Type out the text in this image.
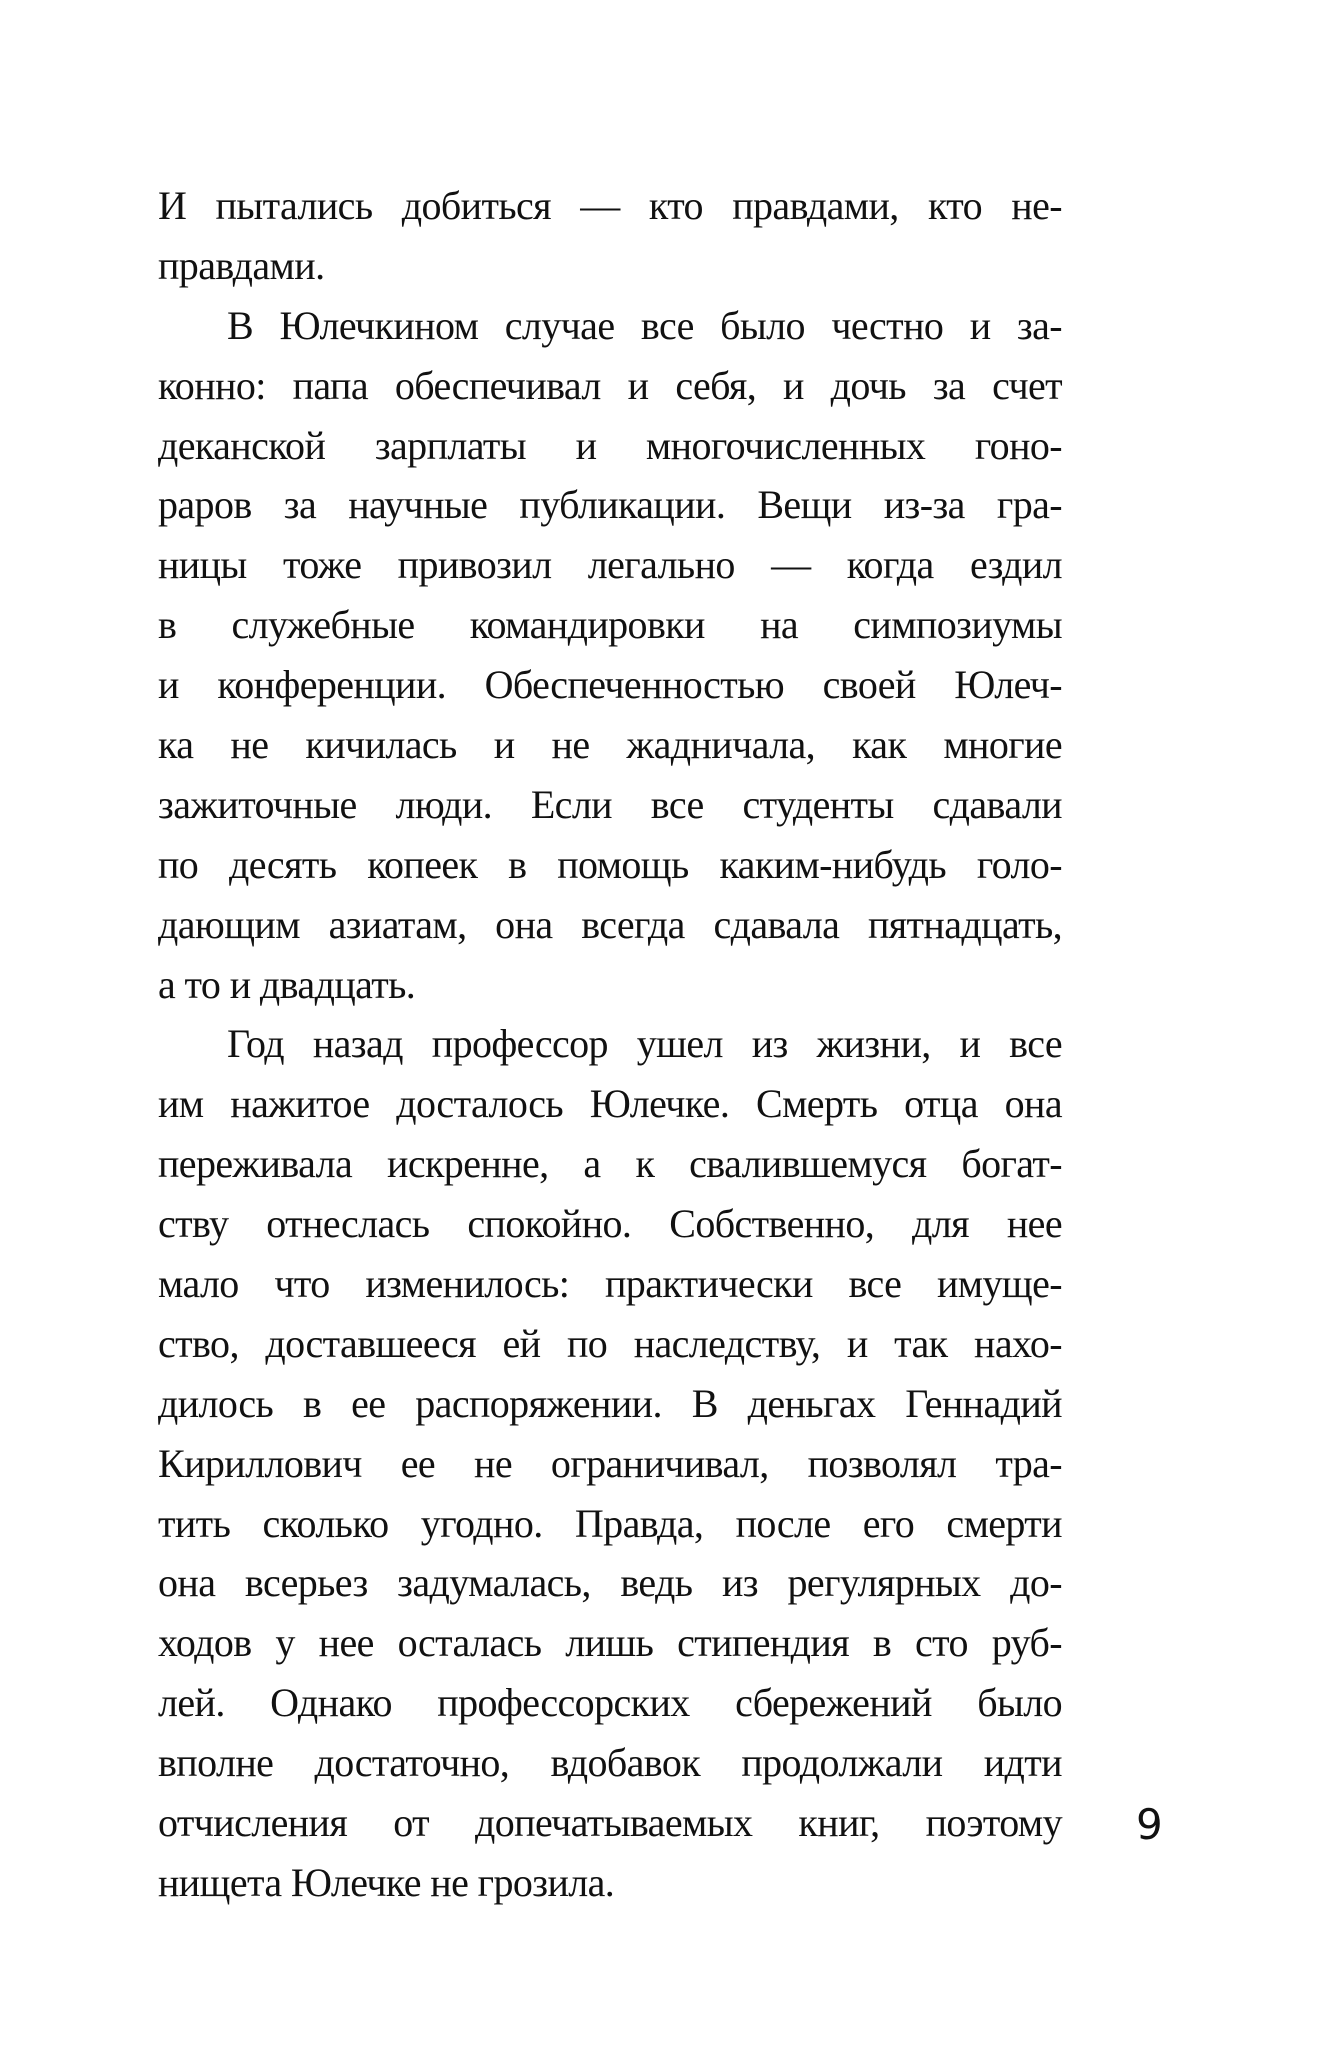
И пытались добиться — кто правдами, кто не-
правдами.
В Юлечкином случае все было честно и за-
конно: папа обеспечивал и себя, и дочь за счет
деканской зарплаты и многочисленных гоно-
раров за научные публикации. Вещи из-за гра-
ницы тоже привозил легально — когда ездил
в служебные командировки на симпозиумы
и конференции. Обеспеченностью своей Юлеч-
ка не кичилась и не жадничала, как многие
зажиточные люди. Если все студенты сдавали
по десять копеек в помощь каким-нибудь голо-
дающим азиатам, она всегда сдавала пятнадцать,
а то и двадцать.
Год назад профессор ушел из жизни, и все
им нажитое досталось Юлечке. Смерть отца она
переживала искренне, а к свалившемуся богат-
ству отнеслась спокойно. Собственно, для нее
мало что изменилось: практически все имуще-
ство, доставшееся ей по наследству, и так нахо-
дилось в ее распоряжении. В деньгах Геннадий
Кириллович ее не ограничивал, позволял тра-
тить сколько угодно. Правда, после его смерти
она всерьез задумалась, ведь из регулярных до-
ходов у нее осталась лишь стипендия в сто руб-
лей. Однако профессорских сбережений было
вполне достаточно, вдобавок продолжали идти
отчисления от допечатываемых книг, поэтому
нищета Юлечке не грозила.
9
